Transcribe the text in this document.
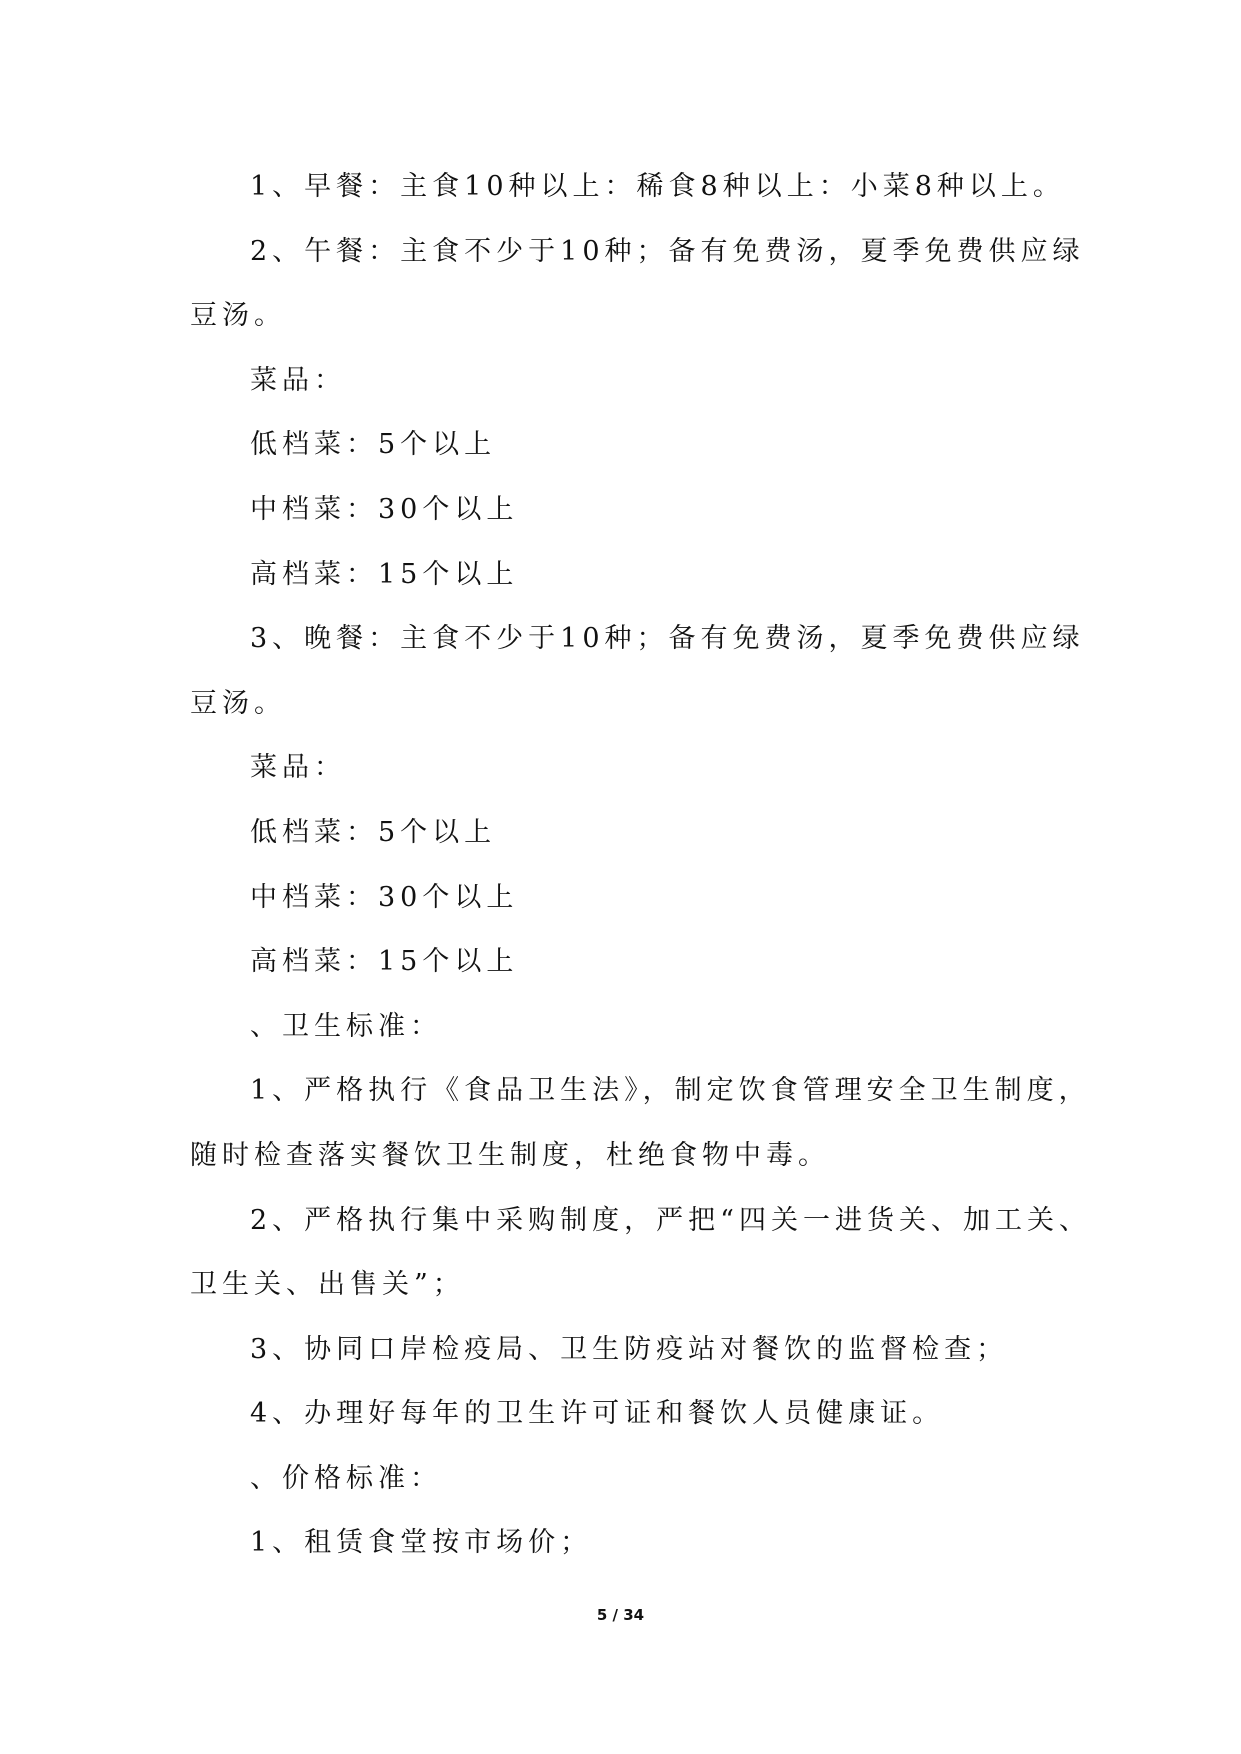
1、早餐：主食10种以上：稀食8种以上：小菜8种以上。
2、午餐：主食不少于10种；备有免费汤，夏季免费供应绿
豆汤。
菜品：
低档菜：5个以上
中档菜：30个以上
高档菜：15个以上
3、晚餐：主食不少于10种；备有免费汤，夏季免费供应绿
豆汤。
菜品：
低档菜：5个以上
中档菜：30个以上
高档菜：15个以上
、卫生标准：
1、严格执行《食品卫生法》，制定饮食管理安全卫生制度，
随时检查落实餐饮卫生制度，杜绝食物中毒。
2、严格执行集中采购制度，严把“四关一进货关、加工关、
卫生关、出售关”；
3、协同口岸检疫局、卫生防疫站对餐饮的监督检查；
4、办理好每年的卫生许可证和餐饮人员健康证。
、价格标准：
1、租赁食堂按市场价；
5 / 34
